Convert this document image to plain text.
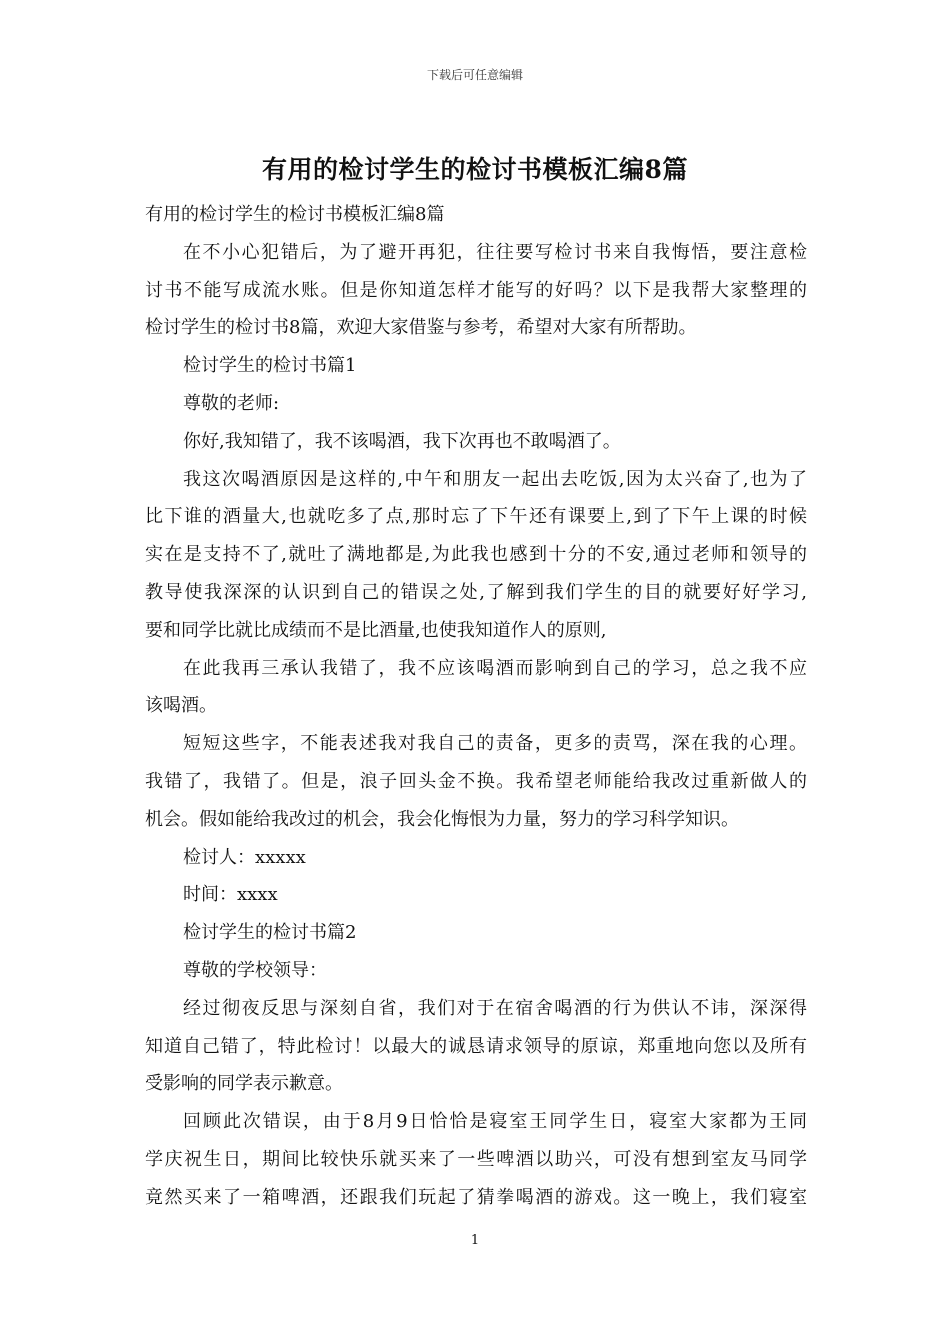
下载后可任意编辑
有用的检讨学生的检讨书模板汇编8篇
有用的检讨学生的检讨书模板汇编8篇
在不小心犯错后，为了避开再犯，往往要写检讨书来自我悔悟，要注意检
讨书不能写成流水账。但是你知道怎样才能写的好吗？以下是我帮大家整理的
检讨学生的检讨书8篇，欢迎大家借鉴与参考，希望对大家有所帮助。
检讨学生的检讨书篇1
尊敬的老师:
你好,我知错了，我不该喝酒，我下次再也不敢喝酒了。
我这次喝酒原因是这样的,中午和朋友一起出去吃饭,因为太兴奋了,也为了
比下谁的酒量大,也就吃多了点,那时忘了下午还有课要上,到了下午上课的时候
实在是支持不了,就吐了满地都是,为此我也感到十分的不安,通过老师和领导的
教导使我深深的认识到自己的错误之处,了解到我们学生的目的就要好好学习,
要和同学比就比成绩而不是比酒量,也使我知道作人的原则,
在此我再三承认我错了，我不应该喝酒而影响到自己的学习，总之我不应
该喝酒。
短短这些字，不能表述我对我自己的责备，更多的责骂，深在我的心理。
我错了，我错了。但是，浪子回头金不换。我希望老师能给我改过重新做人的
机会。假如能给我改过的机会，我会化悔恨为力量，努力的学习科学知识。
检讨人：xxxxx
时间：xxxx
检讨学生的检讨书篇2
尊敬的学校领导：
经过彻夜反思与深刻自省，我们对于在宿舍喝酒的行为供认不讳，深深得
知道自己错了，特此检讨！以最大的诚恳请求领导的原谅，郑重地向您以及所有
受影响的同学表示歉意。
回顾此次错误，由于8月9日恰恰是寝室王同学生日，寝室大家都为王同
学庆祝生日，期间比较快乐就买来了一些啤酒以助兴，可没有想到室友马同学
竟然买来了一箱啤酒，还跟我们玩起了猜拳喝酒的游戏。这一晚上，我们寝室
1
